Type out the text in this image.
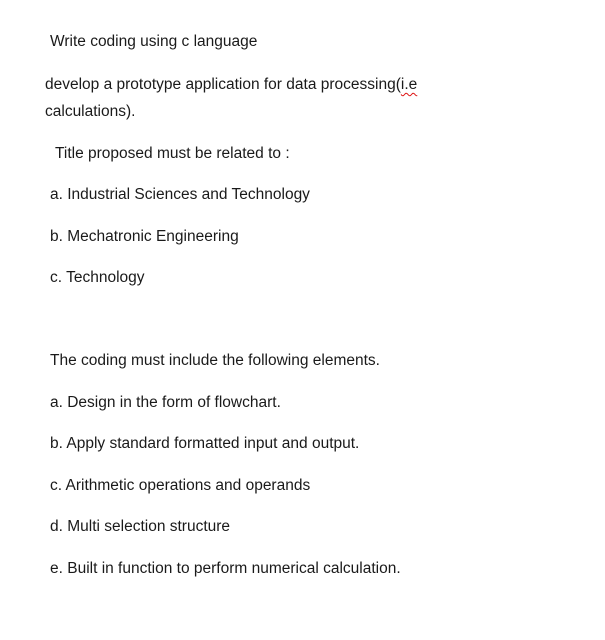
Write coding using c language
develop a prototype application for data processing(i.e
calculations).
Title proposed must be related to :
a. Industrial Sciences and Technology
b. Mechatronic Engineering
c. Technology
The coding must include the following elements.
a. Design in the form of flowchart.
b. Apply standard formatted input and output.
c. Arithmetic operations and operands
d. Multi selection structure
e. Built in function to perform numerical calculation.
